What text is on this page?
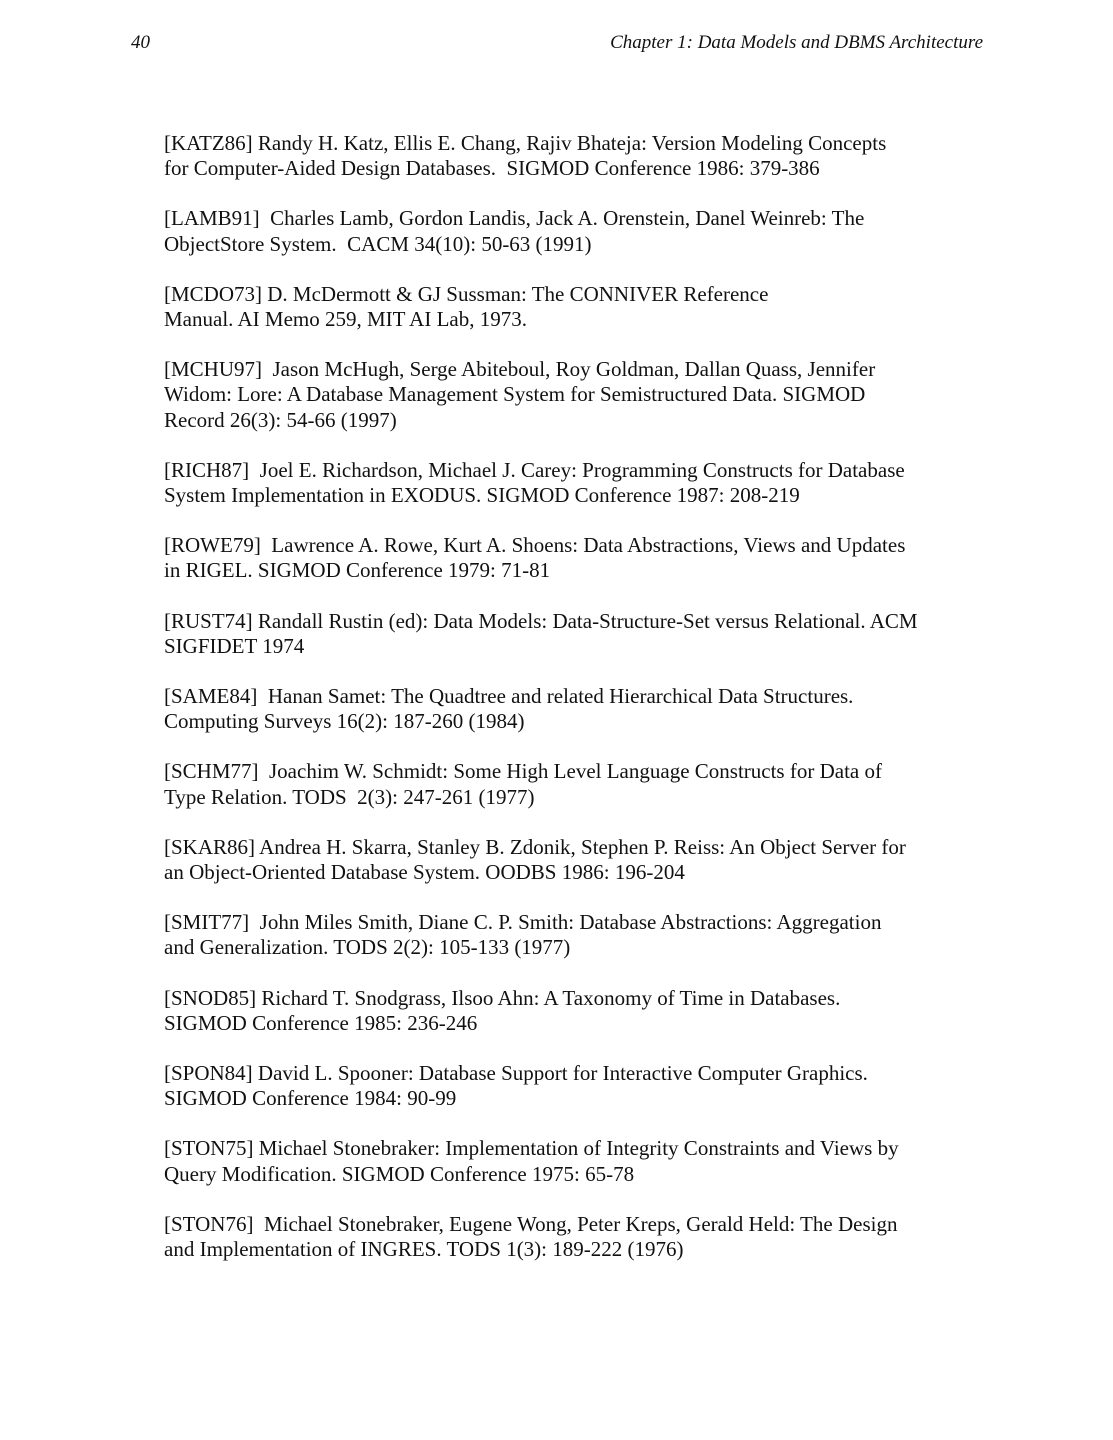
40	Chapter 1: Data Models and DBMS Architecture
[KATZ86] Randy H. Katz, Ellis E. Chang, Rajiv Bhateja: Version Modeling Concepts
for Computer-Aided Design Databases.  SIGMOD Conference 1986: 379-386
[LAMB91]  Charles Lamb, Gordon Landis, Jack A. Orenstein, Danel Weinreb: The
ObjectStore System.  CACM 34(10): 50-63 (1991)
[MCDO73] D. McDermott & GJ Sussman: The CONNIVER Reference
Manual. AI Memo 259, MIT AI Lab, 1973.
[MCHU97]  Jason McHugh, Serge Abiteboul, Roy Goldman, Dallan Quass, Jennifer
Widom: Lore: A Database Management System for Semistructured Data. SIGMOD
Record 26(3): 54-66 (1997)
[RICH87]  Joel E. Richardson, Michael J. Carey: Programming Constructs for Database
System Implementation in EXODUS. SIGMOD Conference 1987: 208-219
[ROWE79]  Lawrence A. Rowe, Kurt A. Shoens: Data Abstractions, Views and Updates
in RIGEL. SIGMOD Conference 1979: 71-81
[RUST74] Randall Rustin (ed): Data Models: Data-Structure-Set versus Relational. ACM
SIGFIDET 1974
[SAME84]  Hanan Samet: The Quadtree and related Hierarchical Data Structures.
Computing Surveys 16(2): 187-260 (1984)
[SCHM77]  Joachim W. Schmidt: Some High Level Language Constructs for Data of
Type Relation. TODS  2(3): 247-261 (1977)
[SKAR86] Andrea H. Skarra, Stanley B. Zdonik, Stephen P. Reiss: An Object Server for
an Object-Oriented Database System. OODBS 1986: 196-204
[SMIT77]  John Miles Smith, Diane C. P. Smith: Database Abstractions: Aggregation
and Generalization. TODS 2(2): 105-133 (1977)
[SNOD85] Richard T. Snodgrass, Ilsoo Ahn: A Taxonomy of Time in Databases.
SIGMOD Conference 1985: 236-246
[SPON84] David L. Spooner: Database Support for Interactive Computer Graphics.
SIGMOD Conference 1984: 90-99
[STON75] Michael Stonebraker: Implementation of Integrity Constraints and Views by
Query Modification. SIGMOD Conference 1975: 65-78
[STON76]  Michael Stonebraker, Eugene Wong, Peter Kreps, Gerald Held: The Design
and Implementation of INGRES. TODS 1(3): 189-222 (1976)
